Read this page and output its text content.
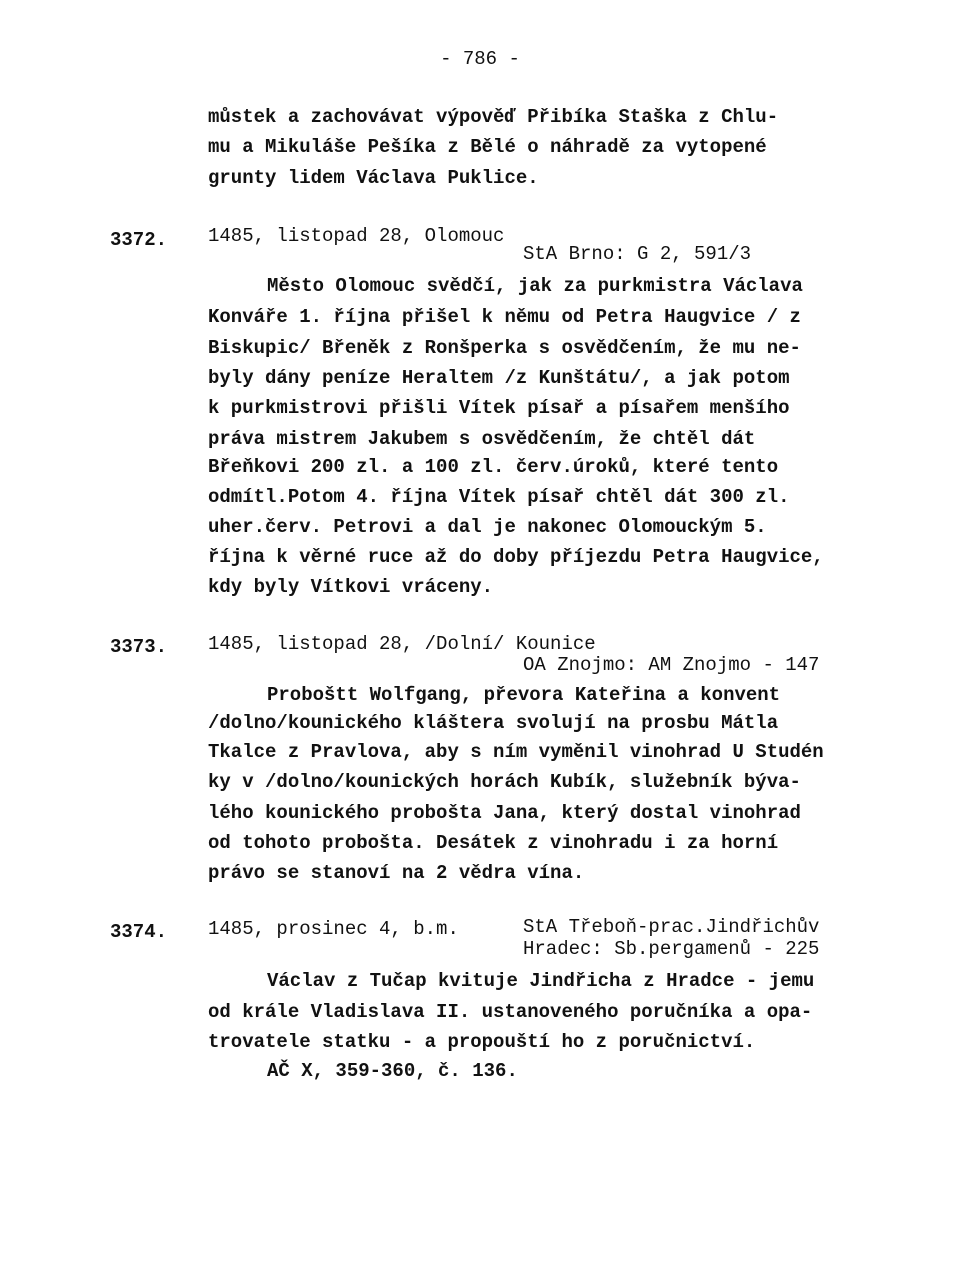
- 786 -
můstek a zachovávat výpověď Přibíka Staška z Chlu-
mu a Mikuláše Pešíka z Bělé o náhradě za vytopené
grunty lidem Václava Puklice.
3372. 1485, listopad 28, Olomouc
StA Brno: G 2, 591/3
Město Olomouc svědčí, jak za purkmistra Václava
Konváře 1. října přišel k němu od Petra Haugvice / z
Biskupic/ Břeněk z Ronšperka s osvědčením, že mu ne-
byly dány peníze Heraltem /z Kunštátu/, a jak potom
k purkmistrovi přišli Vítek písař a písařem menšího
práva mistrem Jakubem s osvědčením, že chtěl dát
Břeňkovi 200 zl. a 100 zl. červ.úroků, které tento
odmítl.Potom 4. října Vítek písař chtěl dát 300 zl.
uher.červ. Petrovi a dal je nakonec Olomouckým 5.
října k věrné ruce až do doby příjezdu Petra Haugvice,
kdy byly Vítkovi vráceny.
3373. 1485, listopad 28, /Dolní/ Kounice
OA Znojmo: AM Znojmo - 147
Proboštt Wolfgang, převora Kateřina a konvent
/dolno/kounického kláštera svolují na prosbu Mátla
Tkalce z Pravlova, aby s ním vyměnil vinohrad U Studén
ky v /dolno/kounických horách Kubík, služebník býva-
lého kounického probošta Jana, který dostal vinohrad
od tohoto probošta. Desátek z vinohradu i za horní
právo se stanoví na 2 vědra vína.
3374. 1485, prosinec 4, b.m.	StA Třeboň-prac.Jindřichův
Hradec: Sb.pergamenů - 225
Václav z Tučap kvituje Jindřicha z Hradce - jemu
od krále Vladislava II. ustanoveného poručníka a opa-
trovatele statku - a propouští ho z poručnictví.
AČ X, 359-360, č. 136.
